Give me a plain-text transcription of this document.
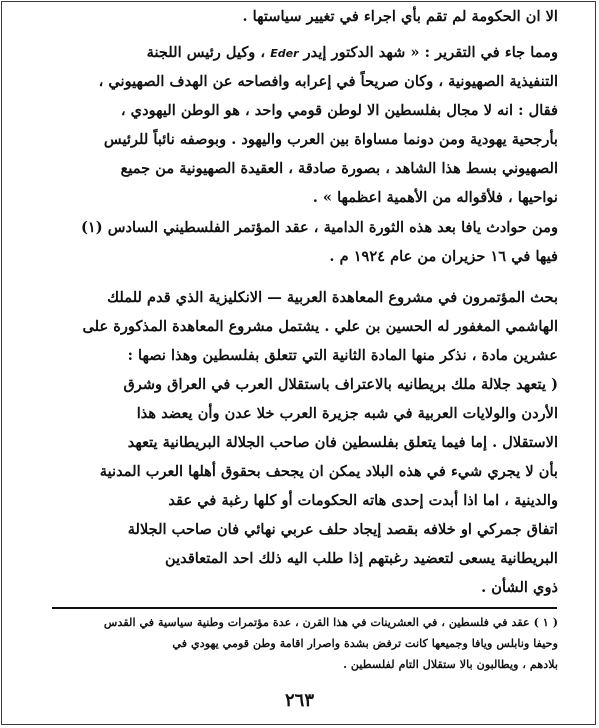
الا ان الحكومة لم تقم بأي اجراء في تغيير سياستها .
ومما جاء في التقرير : « شهد الدكتور إيدر Eder ، وكيل رئيس اللجنة
التنفيذية الصهيونية ، وكان صريحاً في إعرابه وافصاحه عن الهدف الصهيوني ،
فقال : انه لا مجال بفلسطين الا لوطن قومي واحد ، هو الوطن اليهودي ،
بأرجحية يهودية ومن دونما مساواة بين العرب واليهود . وبوصفه نائباً للرئيس
الصهيوني بسط هذا الشاهد ، بصورة صادقة ، العقيدة الصهيونية من جميع
نواحيها ، فلأقواله من الأهمية اعظمها » .
ومن حوادث يافا بعد هذه الثورة الدامية ، عقد المؤتمر الفلسطيني السادس (١)
فيها في ١٦ حزيران من عام ١٩٢٤ م .
بحث المؤتمرون في مشروع المعاهدة العربية — الانكليزية الذي قدم للملك
الهاشمي المغفور له الحسين بن علي . يشتمل مشروع المعاهدة المذكورة على
عشرين مادة ، نذكر منها المادة الثانية التي تتعلق بفلسطين وهذا نصها :
( يتعهد جلالة ملك بريطانيه بالاعتراف باستقلال العرب في العراق وشرق
الأردن والولايات العربية في شبه جزيرة العرب خلا عدن وأن يعضد هذا
الاستقلال . إما فيما يتعلق بفلسطين فان صاحب الجلالة البريطانية يتعهد
بأن لا يجري شيء في هذه البلاد يمكن ان يجحف بحقوق أهلها العرب المدنية
والدينية ، اما اذا أبدت إحدى هاته الحكومات أو كلها رغبة في عقد
اتفاق جمركي او خلافه بقصد إيجاد حلف عربي نهائي فان صاحب الجلالة
البريطانية يسعى لتعضيد رغبتهم إذا طلب اليه ذلك احد المتعاقدين
ذوي الشأن .
( ١ ) عقد في فلسطين ، في العشرينات في هذا القرن ، عدة مؤتمرات وطنية سياسية في القدس
وحيفا ونابلس ويافا وجميعها كانت ترفض بشدة واصرار اقامة وطن قومي يهودي في
بلادهم ، ويطالبون بالا ستقلال التام لفلسطين .
٢٦٣
